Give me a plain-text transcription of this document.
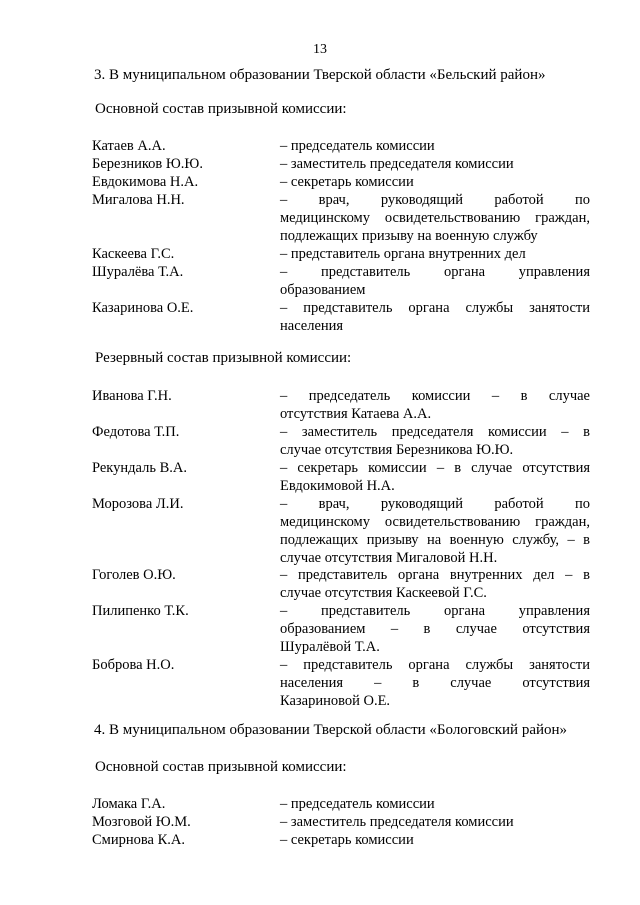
13
3. В муниципальном образовании Тверской области «Бельский район»
Основной состав призывной комиссии:
Катаев А.А.	– председатель комиссии
Березников Ю.Ю.	– заместитель председателя комиссии
Евдокимова Н.А.	– секретарь комиссии
Мигалова Н.Н.	– врач, руководящий работой по
медицинскому освидетельствованию граждан,
подлежащих призыву на военную службу
Каскеева Г.С.	– представитель органа внутренних дел
Шуралёва Т.А.	– представитель органа управления
образованием
Казаринова О.Е.	– представитель органа службы занятости
населения
Резервный состав призывной комиссии:
Иванова Г.Н.	– председатель комиссии – в случае
отсутствия Катаева А.А.
Федотова Т.П.	– заместитель председателя комиссии – в
случае отсутствия Березникова Ю.Ю.
Рекундаль В.А.	– секретарь комиссии – в случае отсутствия
Евдокимовой Н.А.
Морозова Л.И.	– врач, руководящий работой по
медицинскому освидетельствованию граждан,
подлежащих призыву на военную службу, – в
случае отсутствия Мигаловой Н.Н.
Гоголев О.Ю.	– представитель органа внутренних дел – в
случае отсутствия Каскеевой Г.С.
Пилипенко Т.К.	– представитель органа управления
образованием – в случае отсутствия
Шуралёвой Т.А.
Боброва Н.О.	– представитель органа службы занятости
населения – в случае отсутствия
Казариновой О.Е.
4. В муниципальном образовании Тверской области «Бологовский район»
Основной состав призывной комиссии:
Ломака Г.А.	– председатель комиссии
Мозговой Ю.М.	– заместитель председателя комиссии
Смирнова К.А.	– секретарь комиссии
